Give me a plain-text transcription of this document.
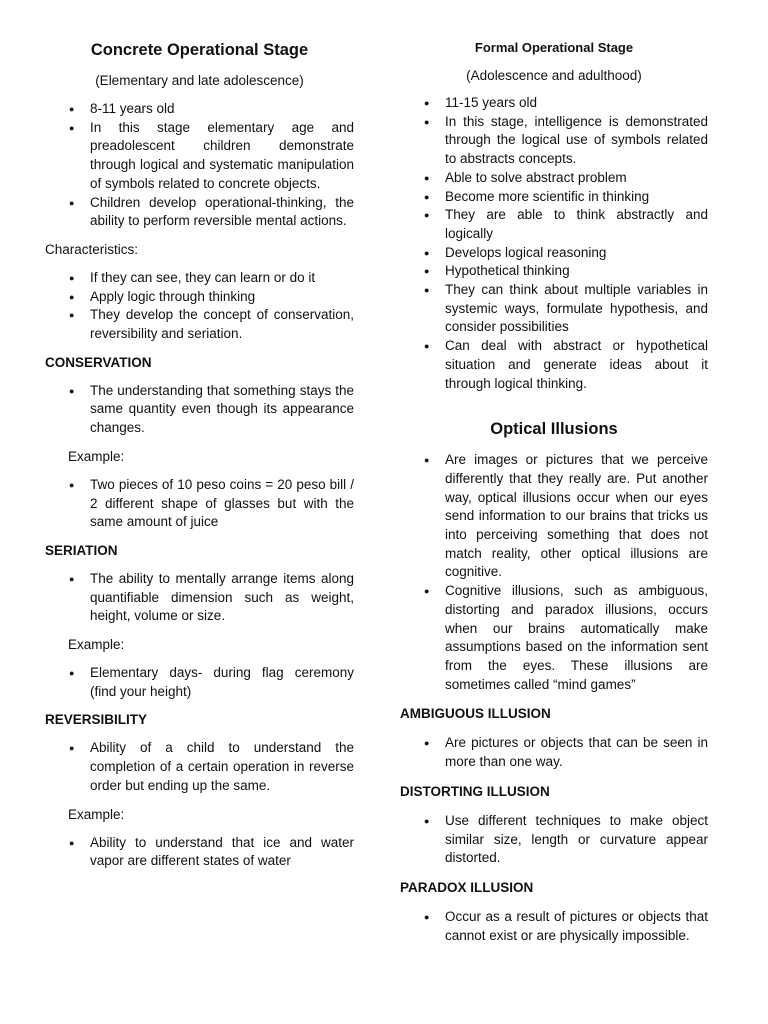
Concrete Operational Stage

(Elementary and late adolescence)

● 8-11 years old
● In this stage elementary age and preadolescent children demonstrate through logical and systematic manipulation of symbols related to concrete objects.
● Children develop operational-thinking, the ability to perform reversible mental actions.

Characteristics:

● If they can see, they can learn or do it
● Apply logic through thinking
● They develop the concept of conservation, reversibility and seriation.

CONSERVATION

● The understanding that something stays the same quantity even though its appearance changes.

Example:

● Two pieces of 10 peso coins = 20 peso bill / 2 different shape of glasses but with the same amount of juice

SERIATION

● The ability to mentally arrange items along quantifiable dimension such as weight, height, volume or size.

Example:

● Elementary days- during flag ceremony (find your height)

REVERSIBILITY

● Ability of a child to understand the completion of a certain operation in reverse order but ending up the same.

Example:

● Ability to understand that ice and water vapor are different states of water
Formal Operational Stage

(Adolescence and adulthood)

● 11-15 years old
● In this stage, intelligence is demonstrated through the logical use of symbols related to abstracts concepts.
● Able to solve abstract problem
● Become more scientific in thinking
● They are able to think abstractly and logically
● Develops logical reasoning
● Hypothetical thinking
● They can think about multiple variables in systemic ways, formulate hypothesis, and consider possibilities
● Can deal with abstract or hypothetical situation and generate ideas about it through logical thinking.
Optical Illusions
● Are images or pictures that we perceive differently that they really are. Put another way, optical illusions occur when our eyes send information to our brains that tricks us into perceiving something that does not match reality, other optical illusions are cognitive.
● Cognitive illusions, such as ambiguous, distorting and paradox illusions, occurs when our brains automatically make assumptions based on the information sent from the eyes. These illusions are sometimes called “mind games”

AMBIGUOUS ILLUSION

● Are pictures or objects that can be seen in more than one way.

DISTORTING ILLUSION

● Use different techniques to make object similar size, length or curvature appear distorted.

PARADOX ILLUSION

● Occur as a result of pictures or objects that cannot exist or are physically impossible.
